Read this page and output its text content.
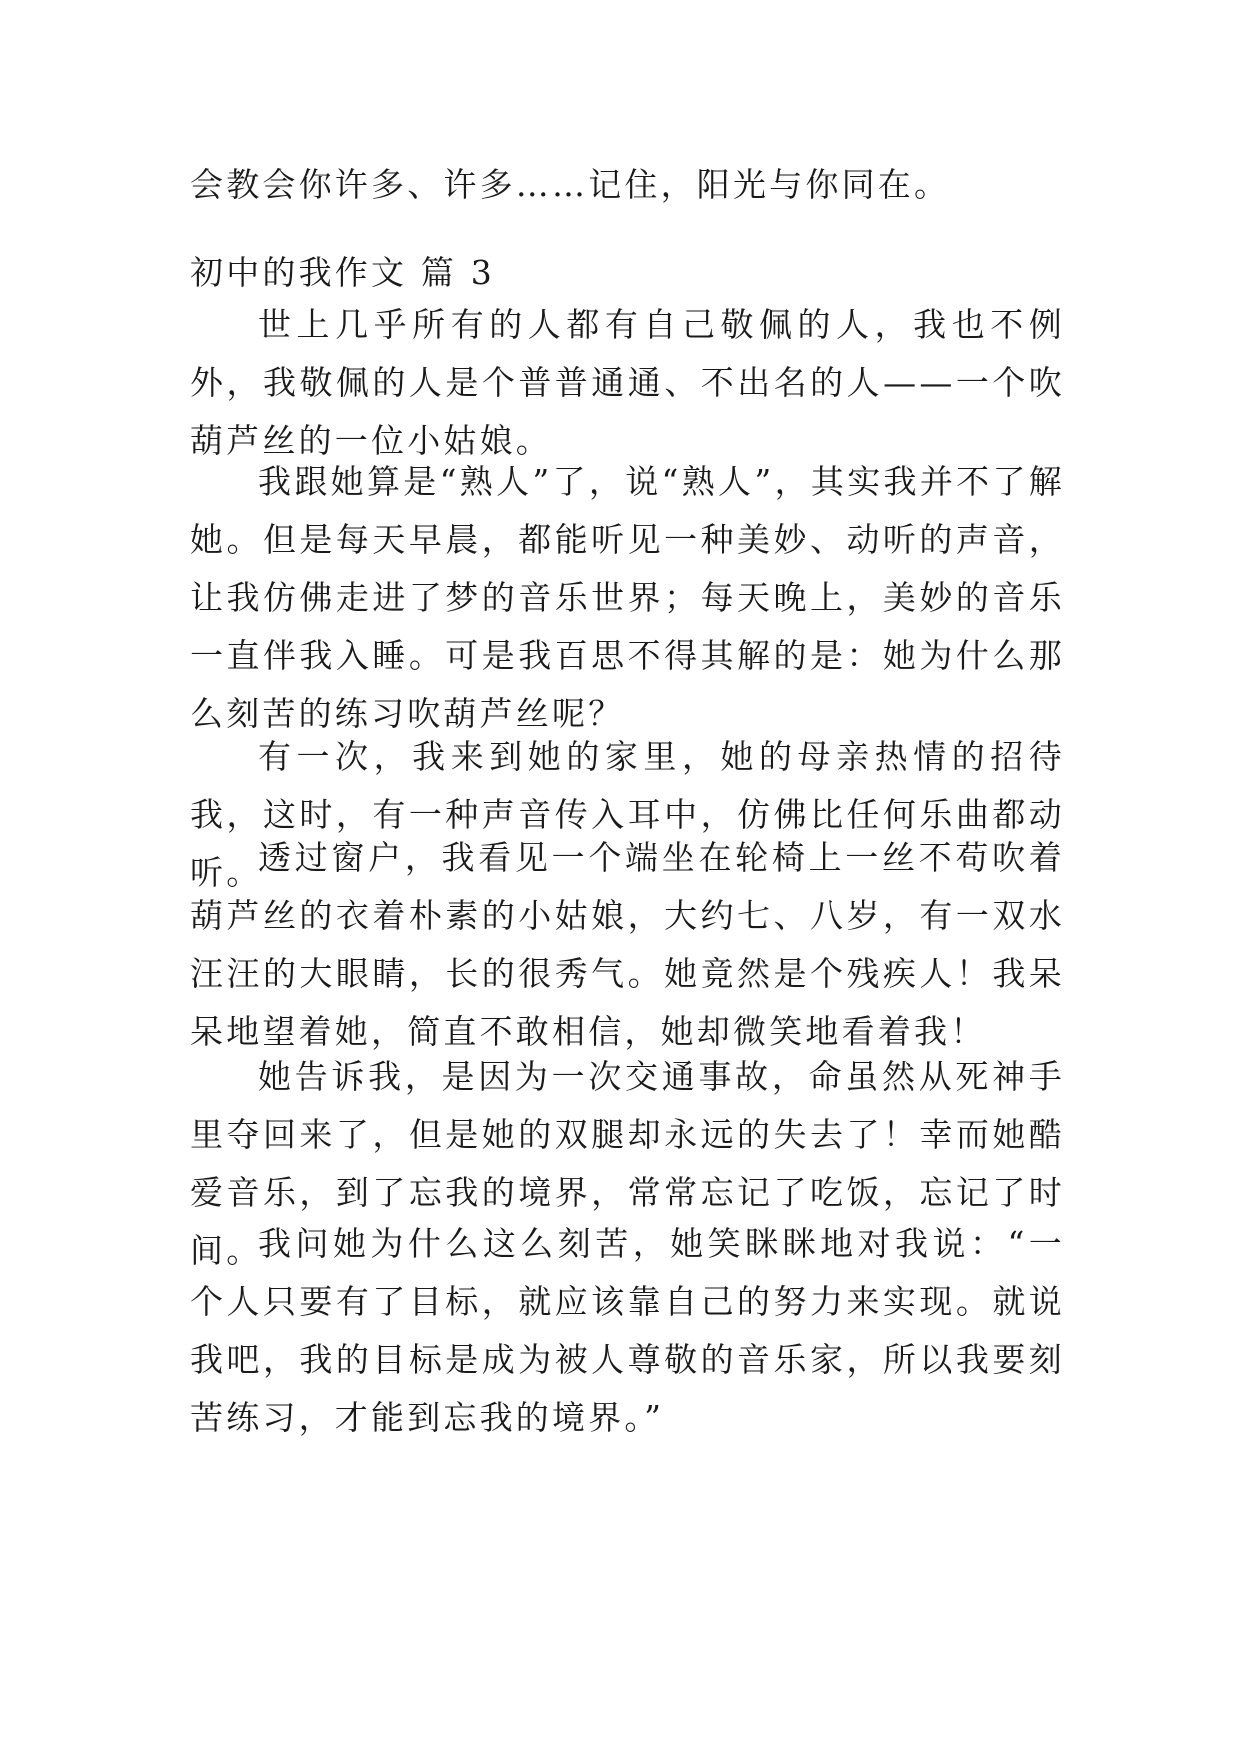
会教会你许多、许多……记住，阳光与你同在。
初中的我作文 篇 3

世上几乎所有的人都有自己敬佩的人，我也不例外，我敬佩的人是个普普通通、不出名的人——一个吹葫芦丝的一位小姑娘。

我跟她算是“熟人”了，说“熟人”，其实我并不了解她。但是每天早晨，都能听见一种美妙、动听的声音，让我仿佛走进了梦的音乐世界；每天晚上，美妙的音乐一直伴我入睡。可是我百思不得其解的是：她为什么那么刻苦的练习吹葫芦丝呢？

有一次，我来到她的家里，她的母亲热情的招待我，这时，有一种声音传入耳中，仿佛比任何乐曲都动听。

透过窗户，我看见一个端坐在轮椅上一丝不苟吹着葫芦丝的衣着朴素的小姑娘，大约七、八岁，有一双水汪汪的大眼睛，长的很秀气。她竟然是个残疾人！我呆呆地望着她，简直不敢相信，她却微笑地看着我！

她告诉我，是因为一次交通事故，命虽然从死神手里夺回来了，但是她的双腿却永远的失去了！幸而她酷爱音乐，到了忘我的境界，常常忘记了吃饭，忘记了时间。

我问她为什么这么刻苦，她笑眯眯地对我说：“一个人只要有了目标，就应该靠自己的努力来实现。就说我吧，我的目标是成为被人尊敬的音乐家，所以我要刻苦练习，才能到忘我的境界。”
